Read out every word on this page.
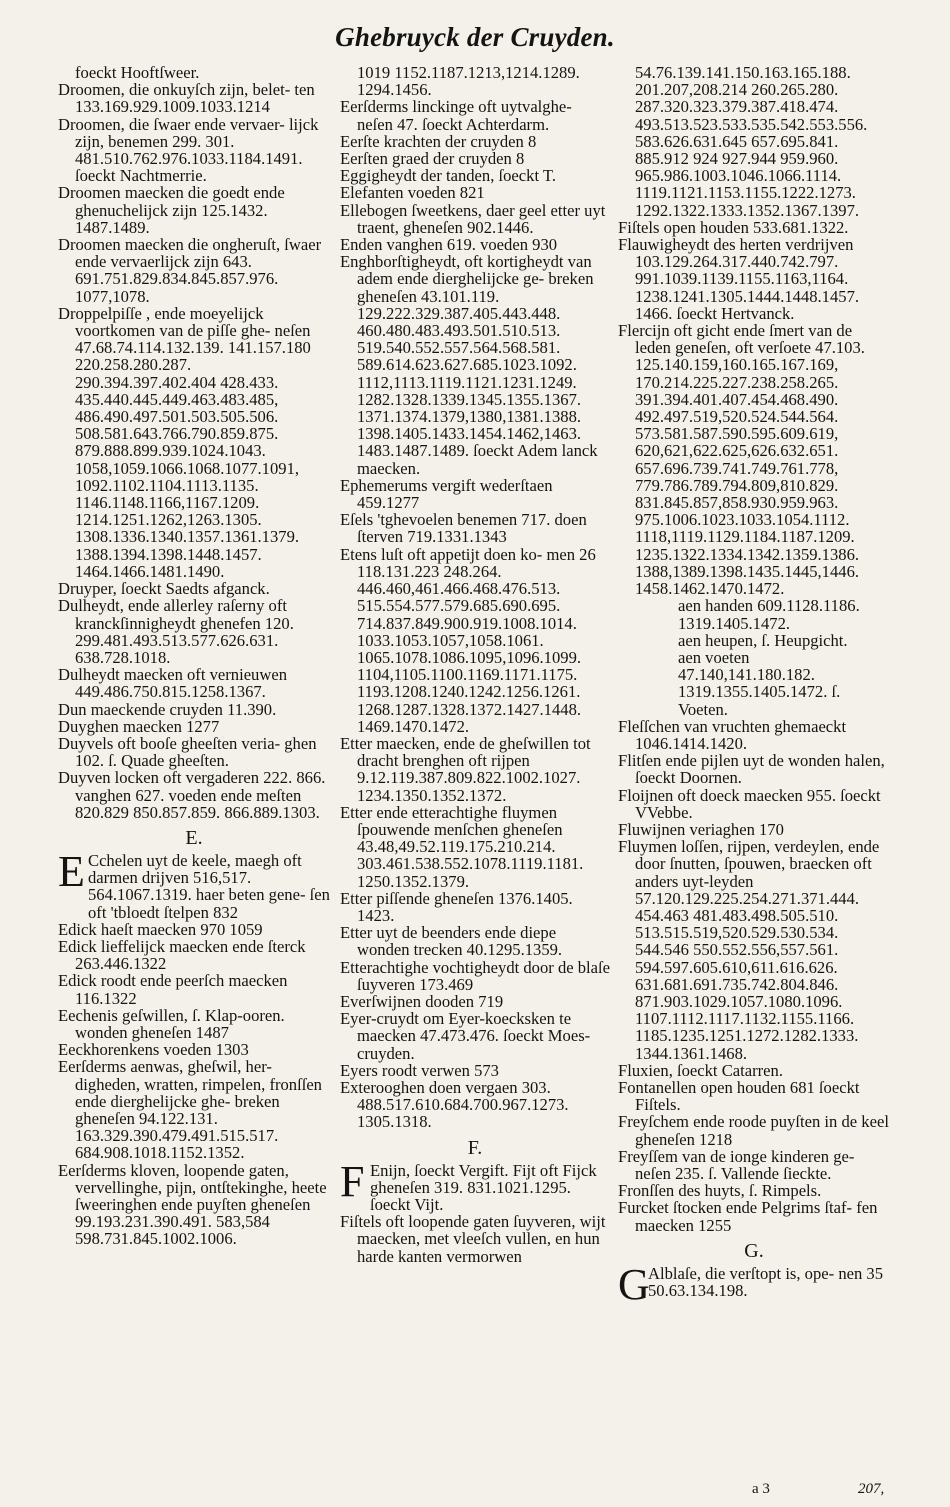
Ghebruyck der Cruyden.

foeckt Hooftſweer.

Droomen, die onkuyſch zijn, belet- ten 133.169.929.1009.1033.1214

Droomen, die ſwaer ende vervaer- lijck zijn, benemen 299. 301. 481.510.762.976.1033.1184.1491. ſoeckt Nachtmerrie.

Droomen maecken die goedt ende ghenuchelijck zijn 125.1432. 1487.1489.

Droomen maecken die ongheruſt, ſwaer ende vervaerlijck zijn 643. 691.751.829.834.845.857.976. 1077,1078.

Droppelpiſſe , ende moeyelijck voortkomen van de piſſe ghe- neſen 47.68.74.114.132.139. 141.157.180 220.258.280.287. 290.394.397.402.404 428.433. 435.440.445.449.463.483.485, 486.490.497.501.503.505.506. 508.581.643.766.790.859.875. 879.888.899.939.1024.1043. 1058,1059.1066.1068.1077.1091, 1092.1102.1104.1113.1135. 1146.1148.1166,1167.1209. 1214.1251.1262,1263.1305. 1308.1336.1340.1357.1361.1379. 1388.1394.1398.1448.1457. 1464.1466.1481.1490.

Druyper, ſoeckt Saedts afganck.

Dulheydt, ende allerley raſerny oft kranckſinnigheydt ghenefen 120. 299.481.493.513.577.626.631. 638.728.1018.

Dulheydt maecken oft vernieuwen 449.486.750.815.1258.1367.

Dun maeckende cruyden 11.390.

Duyghen maecken 1277

Duyvels oft booſe gheeſten veria- ghen 102. ſ. Quade gheeſten.

Duyven locken oft vergaderen 222. 866. vanghen 627. voeden ende meſten 820.829 850.857.859. 866.889.1303.

E.

E Cchelen uyt de keele, maegh oft darmen drijven 516,517. 564.1067.1319. haer beten gene- ſen oft 'tbloedt ſtelpen 832

Edick haeſt maecken 970 1059

Edick lieffelijck maecken ende ſterck 263.446.1322

Edick roodt ende peerſch maecken 116.1322

Eechenis geſwillen, ſ. Klap-ooren. wonden gheneſen 1487

Eeckhorenkens voeden 1303

Eerſderms aenwas, gheſwil, her- digheden, wratten, rimpelen, fronſſen ende dierghelijcke ghe- breken gheneſen 94.122.131. 163.329.390.479.491.515.517. 684.908.1018.1152.1352.

Eerſderms kloven, loopende gaten, vervellinghe, pijn, ontſtekinghe, heete ſweeringhen ende puyſten gheneſen 99.193.231.390.491. 583,584 598.731.845.1002.1006.

1019 1152.1187.1213,1214.1289. 1294.1456.

Eerſderms linckinge oft uytvalghe- neſen 47. ſoeckt Achterdarm.

Eerſte krachten der cruyden 8

Eerſten graed der cruyden 8

Eggigheydt der tanden, ſoeckt T.

Elefanten voeden 821

Ellebogen ſweetkens, daer geel etter uyt traent, gheneſen 902.1446.

Enden vanghen 619. voeden 930

Enghborſtigheydt, oft kortigheydt van adem ende dierghelijcke ge- breken gheneſen 43.101.119. 129.222.329.387.405.443.448. 460.480.483.493.501.510.513. 519.540.552.557.564.568.581. 589.614.623.627.685.1023.1092. 1112,1113.1119.1121.1231.1249. 1282.1328.1339.1345.1355.1367. 1371.1374.1379,1380,1381.1388. 1398.1405.1433.1454.1462,1463. 1483.1487.1489. ſoeckt Adem lanck maecken.

Ephemerums vergift wederſtaen 459.1277

Eſels 'tghevoelen benemen 717. doen ſterven 719.1331.1343

Etens luſt oft appetijt doen ko- men 26 118.131.223 248.264. 446.460,461.466.468.476.513. 515.554.577.579.685.690.695. 714.837.849.900.919.1008.1014. 1033.1053.1057,1058.1061. 1065.1078.1086.1095,1096.1099. 1104,1105.1100.1169.1171.1175. 1193.1208.1240.1242.1256.1261. 1268.1287.1328.1372.1427.1448. 1469.1470.1472.

Etter maecken, ende de gheſwillen tot dracht brenghen oft rijpen 9.12.119.387.809.822.1002.1027. 1234.1350.1352.1372.

Etter ende etterachtighe fluymen ſpouwende menſchen gheneſen 43.48,49.52.119.175.210.214. 303.461.538.552.1078.1119.1181. 1250.1352.1379.

Etter piſſende gheneſen 1376.1405. 1423.

Etter uyt de beenders ende diepe wonden trecken 40.1295.1359.

Etterachtighe vochtigheydt door de blaſe ſuyveren 173.469

Everſwijnen dooden 719

Eyer-cruydt om Eyer-koecksken te maecken 47.473.476. ſoeckt Moes-cruyden.

Eyers roodt verwen 573

Exterooghen doen vergaen 303. 488.517.610.684.700.967.1273. 1305.1318.

F.

F Enijn, ſoeckt Vergift. Fijt oft Fijck gheneſen 319. 831.1021.1295. ſoeckt Vijt.

Fiſtels oft loopende gaten ſuyveren, wijt maecken, met vleeſch vullen, en hun harde kanten vermorwen

54.76.139.141.150.163.165.188. 201.207,208.214 260.265.280. 287.320.323.379.387.418.474. 493.513.523.533.535.542.553.556. 583.626.631.645 657.695.841. 885.912 924 927.944 959.960. 965.986.1003.1046.1066.1114. 1119.1121.1153.1155.1222.1273. 1292.1322.1333.1352.1367.1397.

Fiſtels open houden 533.681.1322.

Flauwigheydt des herten verdrijven 103.129.264.317.440.742.797. 991.1039.1139.1155.1163,1164. 1238.1241.1305.1444.1448.1457. 1466. ſoeckt Hertvanck.

Flercijn oft gicht ende ſmert van de leden geneſen, oft verſoete 47.103. 125.140.159,160.165.167.169, 170.214.225.227.238.258.265. 391.394.401.407.454.468.490. 492.497.519,520.524.544.564. 573.581.587.590.595.609.619, 620,621,622.625,626.632.651. 657.696.739.741.749.761.778, 779.786.789.794.809,810.829. 831.845.857,858.930.959.963. 975.1006.1023.1033.1054.1112. 1118,1119.1129.1184.1187.1209. 1235.1322.1334.1342.1359.1386. 1388,1389.1398.1435.1445,1446. 1458.1462.1470.1472.

aen handen 609.1128.1186. 1319.1405.1472.

aen heupen, ſ. Heupgicht.

aen voeten 47.140,141.180.182. 1319.1355.1405.1472. ſ. Voeten.

Fleſſchen van vruchten ghemaeckt 1046.1414.1420.

Flitſen ende pijlen uyt de wonden halen, ſoeckt Doornen.

Floijnen oft doeck maecken 955. ſoeckt VVebbe.

Fluwijnen veriaghen 170

Fluymen loſſen, rijpen, verdeylen, ende door ſnutten, ſpouwen, braecken oft anders uyt-leyden 57.120.129.225.254.271.371.444. 454.463 481.483.498.505.510. 513.515.519,520.529.530.534. 544.546 550.552.556,557.561. 594.597.605.610,611.616.626. 631.681.691.735.742.804.846. 871.903.1029.1057.1080.1096. 1107.1112.1117.1132.1155.1166. 1185.1235.1251.1272.1282.1333. 1344.1361.1468.

Fluxien, ſoeckt Catarren.

Fontanellen open houden 681 ſoeckt Fiſtels.

Freyſchem ende roode puyſten in de keel gheneſen 1218

Freyſſem van de ionge kinderen ge- neſen 235. ſ. Vallende ſieckte.

Fronſſen des huyts, ſ. Rimpels.

Furcket ſtocken ende Pelgrims ſtaf- fen maecken 1255

G.

G
Alblaſe, die verſtopt is, ope- nen 35 50.63.134.198.

a 3	207,
